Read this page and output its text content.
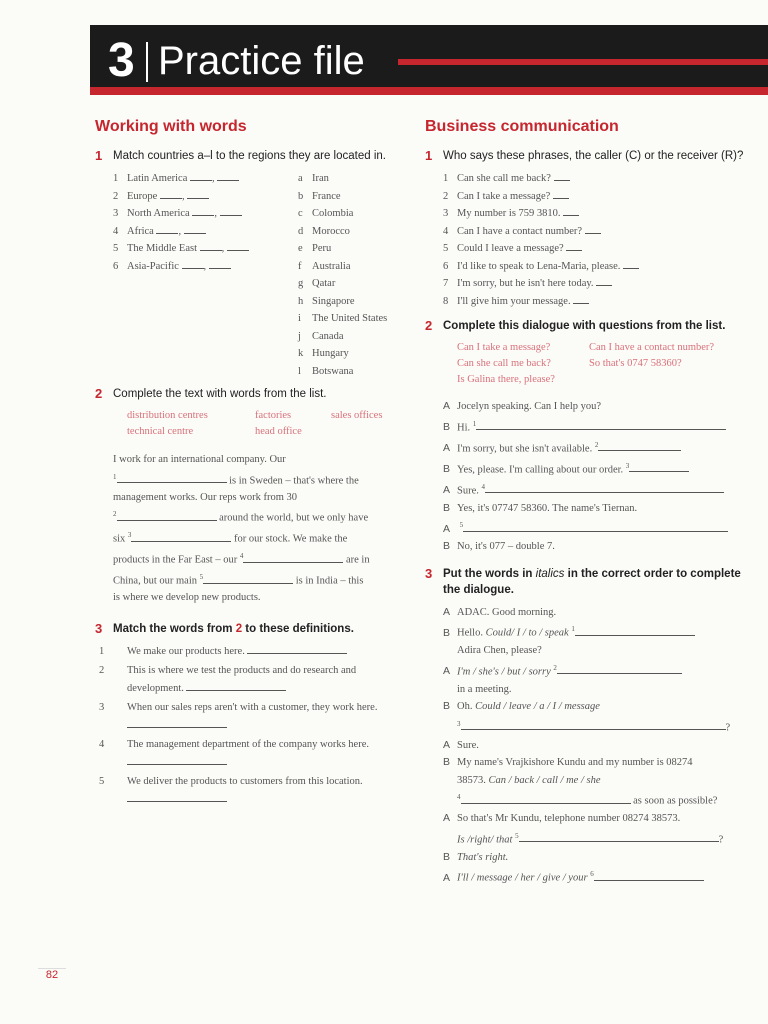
3 Practice file
Working with words
1 Match countries a–l to the regions they are located in.
1 Latin America ,
2 Europe ,
3 North America ,
4 Africa ,
5 The Middle East ,
6 Asia-Pacific ,
a Iran
b France
c Colombia
d Morocco
e Peru
f Australia
g Qatar
h Singapore
i The United States
j Canada
k Hungary
l Botswana
2 Complete the text with words from the list.
distribution centres	factories	sales offices
technical centre	head office
I work for an international company. Our
$^1$	is in Sweden – that's where the
management works. Our reps work from 30
$^2$	around the world, but we only have
six $^3$	for our stock. We make the
products in the Far East – our $^4$	are in
China, but our main $^5$	is in India – this
is where we develop new products.
3 Match the words from 2 to these definitions.
1 We make our products here.
2 This is where we test the products and do research and development.
3 When our sales reps aren't with a customer, they work here.
4 The management department of the company works here.
5 We deliver the products to customers from this location.
Business communication
1 Who says these phrases, the caller (C) or the receiver (R)?
1 Can she call me back?
2 Can I take a message?
3 My number is 759 3810.
4 Can I have a contact number?
5 Could I leave a message?
6 I'd like to speak to Lena-Maria, please.
7 I'm sorry, but he isn't here today.
8 I'll give him your message.
2 Complete this dialogue with questions from the list.
Can I take a message?	Can I have a contact number?
Can she call me back?	So that's 0747 58360?
Is Galina there, please?
A Jocelyn speaking. Can I help you?
B Hi. $^1$
A I'm sorry, but she isn't available. $^2$
B Yes, please. I'm calling about our order. $^3$
A Sure. $^4$
B Yes, it's 07747 58360. The name's Tiernan.
A $^5$
B No, it's 077 – double 7.
3 Put the words in italics in the correct order to complete the dialogue.
A ADAC. Good morning.
B Hello. Could/ I / to / speak $^1$
Adira Chen, please?
A I'm / she's / but / sorry $^2$
in a meeting.
B Oh. Could / leave / a / I / message
$^3$	?
A Sure.
B My name's Vrajkishore Kundu and my number is 08274
38573. Can / back / call / me / she
$^4$	as soon as possible?
A So that's Mr Kundu, telephone number 08274 38573.
Is /right/ that $^5$	?
B That's right.
A I'll / message / her / give / your $^6$
82
